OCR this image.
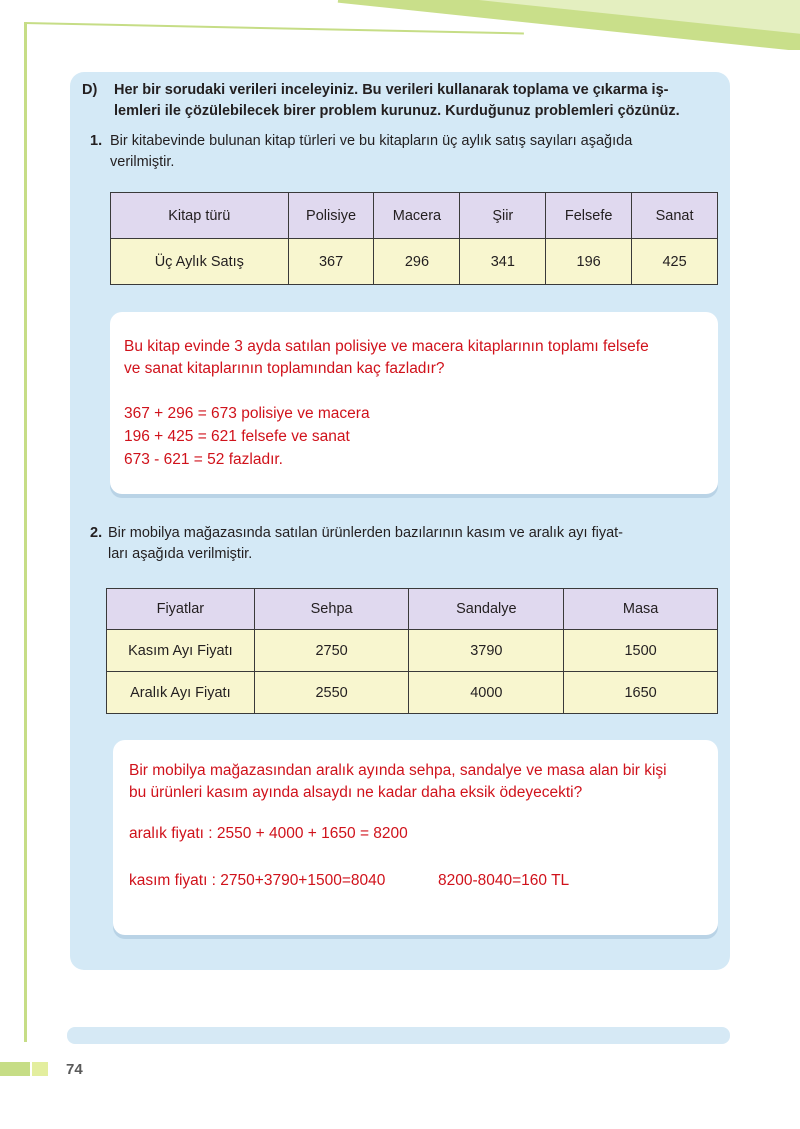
D) Her bir sorudaki verileri inceleyiniz. Bu verileri kullanarak toplama ve çıkarma iş-
lemleri ile çözülebilecek birer problem kurunuz. Kurduğunuz problemleri çözünüz.
1. Bir kitabevinde bulunan kitap türleri ve bu kitapların üç aylık satış sayıları aşağıda
verilmiştir.
Kitap türü	Polisiye	Macera	Şiir	Felsefe	Sanat
Üç Aylık Satış	367	296	341	196	425
Bu kitap evinde 3 ayda satılan polisiye ve macera kitaplarının toplamı felsefe
ve sanat kitaplarının toplamından kaç fazladır?
367 + 296 = 673 polisiye ve macera
196 + 425 = 621 felsefe ve sanat
673 - 621 = 52 fazladır.
2. Bir mobilya mağazasında satılan ürünlerden bazılarının kasım ve aralık ayı fiyat-
ları aşağıda verilmiştir.
Fiyatlar	Sehpa	Sandalye	Masa
Kasım Ayı Fiyatı	2750	3790	1500
Aralık Ayı Fiyatı	2550	4000	1650
Bir mobilya mağazasından aralık ayında sehpa, sandalye ve masa alan bir kişi
bu ürünleri kasım ayında alsaydı ne kadar daha eksik ödeyecekti?
aralık fiyatı : 2550 + 4000 + 1650 = 8200
kasım fiyatı : 2750+3790+1500=8040	8200-8040=160 TL
74
